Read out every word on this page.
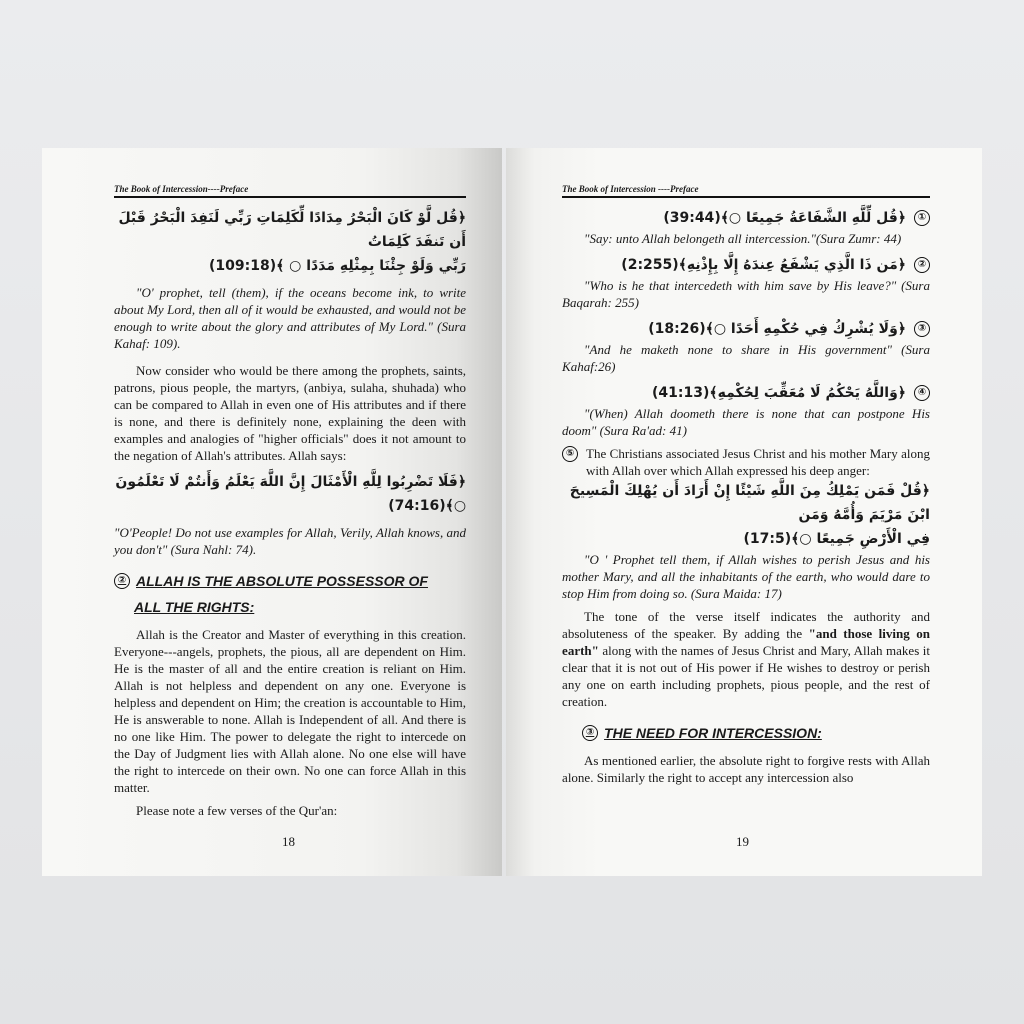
The Book of Intercession----Preface
﴿قُل لَّوْ كَانَ الْبَحْرُ مِدَادًا لِّكَلِمَاتِ رَبِّي لَنَفِدَ الْبَحْرُ قَبْلَ أَن تَنفَدَ كَلِمَاتُ
رَبِّي وَلَوْ جِئْنَا بِمِثْلِهِ مَدَدًا ○ ﴾(109:18)

"O' prophet, tell (them), if the oceans become ink, to write about My Lord, then all of it would be exhausted, and would not be enough to write about the glory and attributes of My Lord." (Sura Kahaf: 109).

Now consider who would be there among the prophets, saints, patrons, pious people, the martyrs, (anbiya, sulaha, shuhada) who can be compared to Allah in even one of His attributes and if there is none, and there is definitely none, explaining the deen with examples and analogies of "higher officials" does it not amount to the negation of Allah's attributes. Allah says:

﴿فَلَا تَضْرِبُوا لِلَّهِ الْأَمْثَالَ إِنَّ اللَّهَ يَعْلَمُ وَأَنتُمْ لَا تَعْلَمُونَ ○﴾(74:16)

"O'People! Do not use examples for Allah, Verily, Allah knows, and you don't" (Sura Nahl: 74).

② ALLAH IS THE ABSOLUTE POSSESSOR OF
ALL THE RIGHTS:

Allah is the Creator and Master of everything in this creation. Everyone---angels, prophets, the pious, all are dependent on Him. He is the master of all and the entire creation is reliant on Him. Allah is not helpless and dependent on any one. Everyone is helpless and dependent on Him; the creation is accountable to Him, He is answerable to none. Allah is Independent of all. And there is no one like Him. The power to delegate the right to intercede on the Day of Judgment lies with Allah alone. No one else will have the right to intercede on their own. No one can force Allah in this matter.

Please note a few verses of the Qur'an:

18
The Book of Intercession ----Preface
﴿قُل لِّلَّهِ الشَّفَاعَةُ جَمِيعًا ○﴾(39:44)	①

"Say: unto Allah belongeth all intercession."(Sura Zumr: 44)

﴿مَن ذَا الَّذِي يَشْفَعُ عِندَهُ إِلَّا بِإِذْنِهِ﴾(2:255)	②

"Who is he that intercedeth with him save by His leave?" (Sura Baqarah: 255)

﴿وَلَا يُشْرِكُ فِي حُكْمِهِ أَحَدًا ○﴾(18:26)	③

"And he maketh none to share in His government" (Sura Kahaf:26)

﴿وَاللَّهُ يَحْكُمُ لَا مُعَقِّبَ لِحُكْمِهِ﴾(41:13)	④

"(When) Allah doometh there is none that can postpone His doom" (Sura Ra'ad: 41)

⑤ The Christians associated Jesus Christ and his mother Mary along with Allah over which Allah expressed his deep anger:

﴿قُلْ فَمَن يَمْلِكُ مِنَ اللَّهِ شَيْئًا إِنْ أَرَادَ أَن يُهْلِكَ الْمَسِيحَ ابْنَ مَرْيَمَ وَأُمَّهُ وَمَن
فِي الْأَرْضِ جَمِيعًا ○﴾(17:5)

"O ' Prophet tell them, if Allah wishes to perish Jesus and his mother Mary, and all the inhabitants of the earth, who would dare to stop Him from doing so. (Sura Maida: 17)

The tone of the verse itself indicates the authority and absoluteness of the speaker. By adding the "and those living on earth" along with the names of Jesus Christ and Mary, Allah makes it clear that it is not out of His power if He wishes to destroy or perish any one on earth including prophets, pious people, and the rest of creation.

③ THE NEED FOR INTERCESSION:

As mentioned earlier, the absolute right to forgive rests with Allah alone. Similarly the right to accept any intercession also

19
